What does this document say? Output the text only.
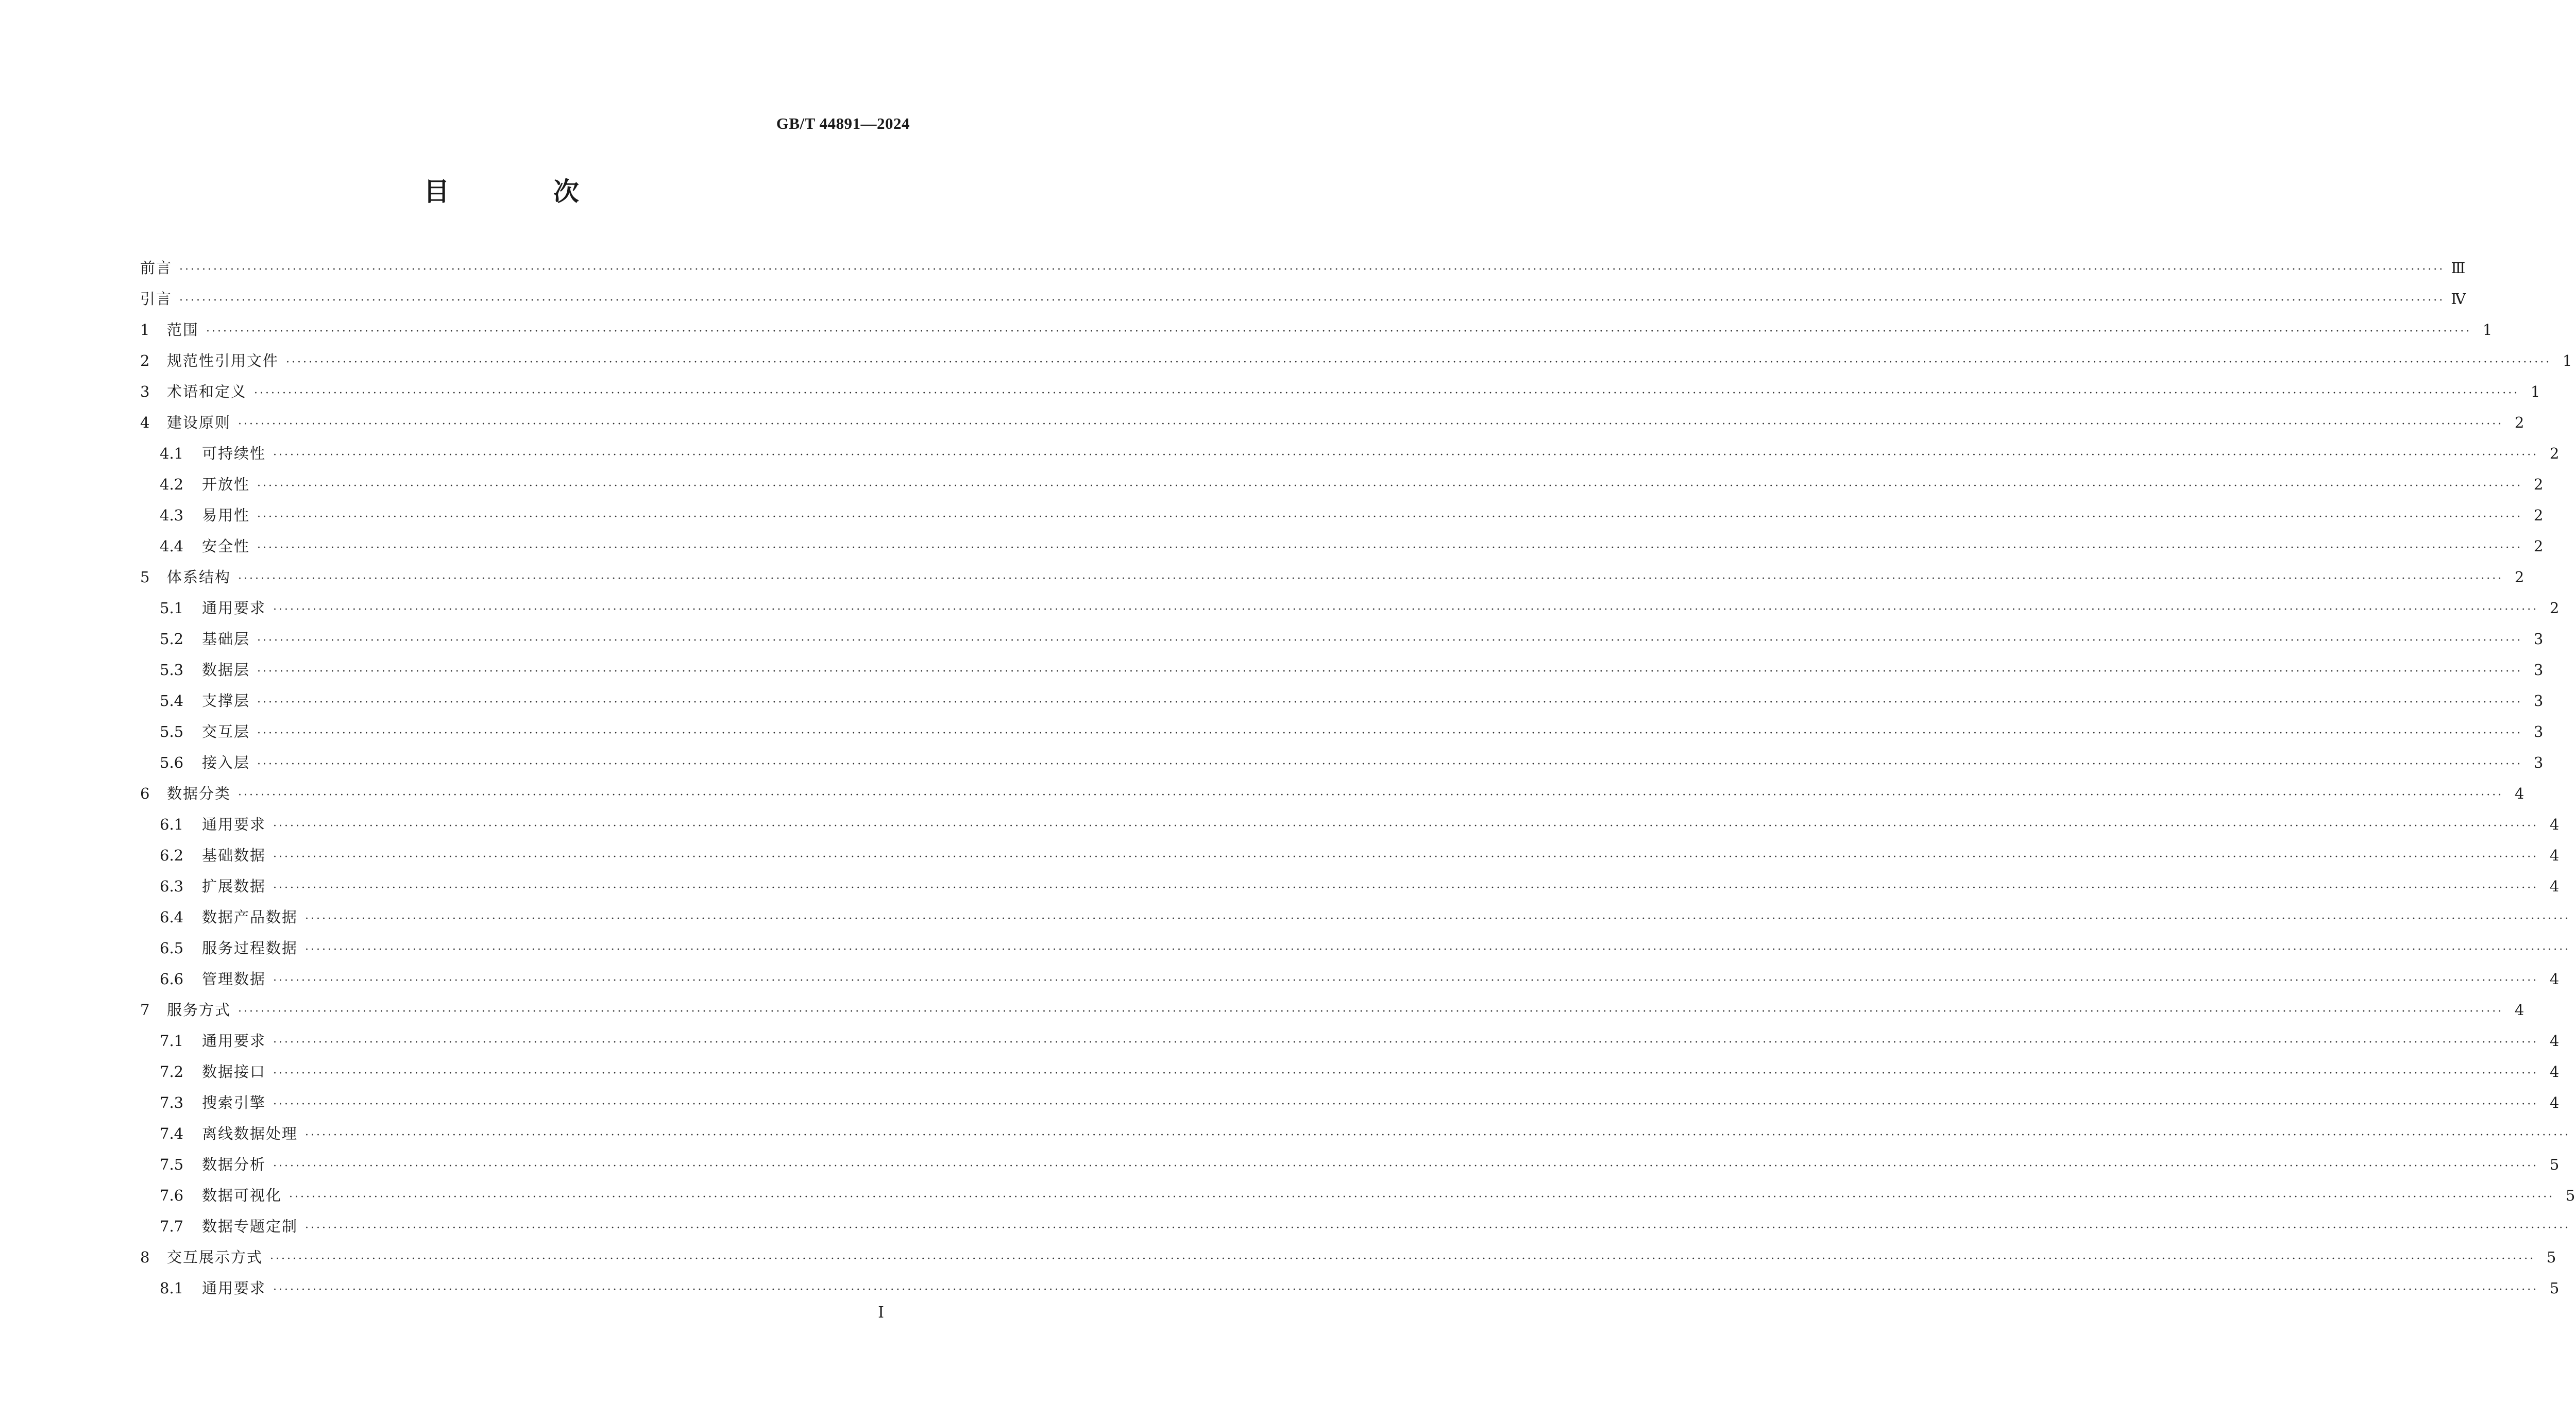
GB/T 44891—2024
目 次
前言 ················································································································································································································································································································································································································ Ⅲ
引言 ················································································································································································································································································································································································································ Ⅳ
1	范围 ················································································································································································································································································································································································································ 1
2	规范性引用文件 ················································································································································································································································································································································································································ 1
3	术语和定义 ················································································································································································································································································································································································································ 1
4	建设原则 ················································································································································································································································································································································································································ 2
4.1	可持续性 ················································································································································································································································································································································································································ 2
4.2	开放性 ················································································································································································································································································································································································································ 2
4.3	易用性 ················································································································································································································································································································································································································ 2
4.4	安全性 ················································································································································································································································································································································································································ 2
5	体系结构 ················································································································································································································································································································································································································ 2
5.1	通用要求 ················································································································································································································································································································································································································ 2
5.2	基础层 ················································································································································································································································································································································································································ 3
5.3	数据层 ················································································································································································································································································································································································································ 3
5.4	支撑层 ················································································································································································································································································································································································································ 3
5.5	交互层 ················································································································································································································································································································································································································ 3
5.6	接入层 ················································································································································································································································································································································································································ 3
6	数据分类 ················································································································································································································································································································································································································ 4
6.1	通用要求 ················································································································································································································································································································································································································ 4
6.2	基础数据 ················································································································································································································································································································································································································ 4
6.3	扩展数据 ················································································································································································································································································································································································································ 4
6.4	数据产品数据 ················································································································································································································································································································································································································
6.5	服务过程数据 ················································································································································································································································································································································································································
6.6	管理数据 ················································································································································································································································································································································································································ 4
7	服务方式 ················································································································································································································································································································································································································ 4
7.1	通用要求 ················································································································································································································································································································································································································ 4
7.2	数据接口 ················································································································································································································································································································································································································ 4
7.3	搜索引擎 ················································································································································································································································································································································································································ 4
7.4	离线数据处理 ················································································································································································································································································································································································································
7.5	数据分析 ················································································································································································································································································································································································································ 5
7.6	数据可视化 ················································································································································································································································································································································································································ 5
7.7	数据专题定制 ················································································································································································································································································································································································································
8	交互展示方式 ················································································································································································································································································································································································································ 5
8.1	通用要求 ················································································································································································································································································································································································································ 5
Ⅰ
